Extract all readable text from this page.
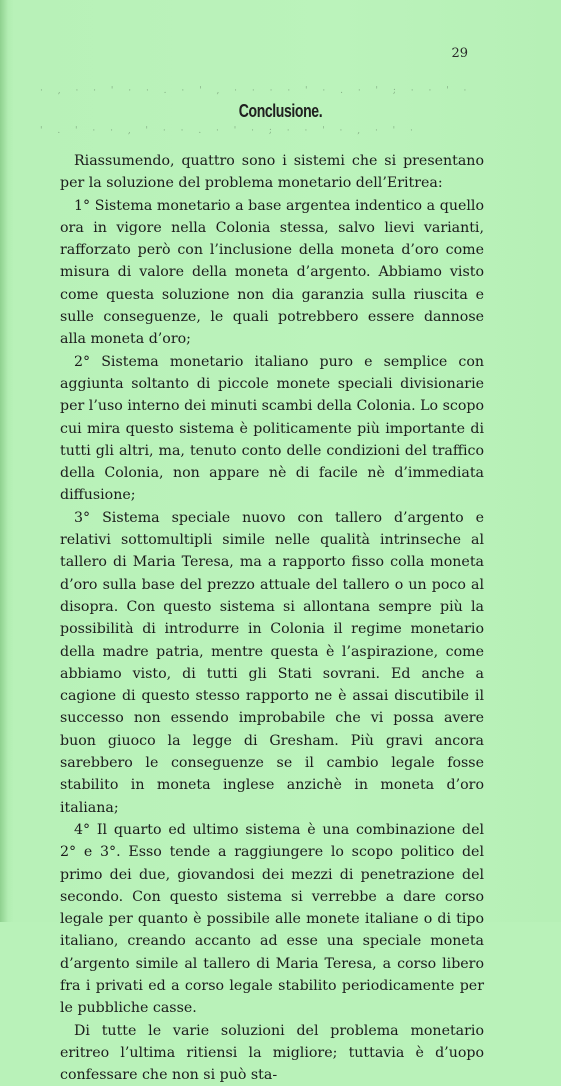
29
· , · · ' · · . · ' , · · · · ' · . · ' ; · · ' ·
Conclusione.
' . ' · · , ' · · . · ' · ; · · ' · , · ' ·

Riassumendo, quattro sono i sistemi che si presentano per la soluzione del problema monetario dell’Eritrea:

1° Sistema monetario a base argentea indentico a quello ora in vigore nella Colonia stessa, salvo lievi varianti, rafforzato però con l’inclusione della moneta d’oro come misura di valore della moneta d’argento. Abbiamo visto come questa soluzione non dia garanzia sulla riuscita e sulle conseguenze, le quali potrebbero essere dannose alla moneta d’oro;

2° Sistema monetario italiano puro e semplice con aggiunta soltanto di piccole monete speciali divisionarie per l’uso interno dei minuti scambi della Colonia. Lo scopo cui mira questo sistema è politicamente più importante di tutti gli altri, ma, tenuto conto delle condizioni del traffico della Colonia, non appare nè di facile nè d’immediata diffusione;

3° Sistema speciale nuovo con tallero d’argento e relativi sottomultipli simile nelle qualità intrinseche al tallero di Maria Teresa, ma a rapporto fisso colla moneta d’oro sulla base del prezzo attuale del tallero o un poco al disopra. Con questo sistema si allontana sempre più la possibilità di introdurre in Colonia il regime monetario della madre patria, mentre questa è l’aspirazione, come abbiamo visto, di tutti gli Stati sovrani. Ed anche a cagione di questo stesso rapporto ne è assai discutibile il successo non essendo improbabile che vi possa avere buon giuoco la legge di Gresham. Più gravi ancora sarebbero le conseguenze se il cambio legale fosse stabilito in moneta inglese anzichè in moneta d’oro italiana;

4° Il quarto ed ultimo sistema è una combinazione del 2° e 3°. Esso tende a raggiungere lo scopo politico del primo dei due, giovandosi dei mezzi di penetrazione del secondo. Con questo sistema si verrebbe a dare corso legale per quanto è possibile alle monete italiane o di tipo italiano, creando accanto ad esse una speciale moneta d’argento simile al tallero di Maria Teresa, a corso libero fra i privati ed a corso legale stabilito periodicamente per le pubbliche casse.

Di tutte le varie soluzioni del problema monetario eritreo l’ultima ritiensi la migliore; tuttavia è d’uopo confessare che non si può sta-
